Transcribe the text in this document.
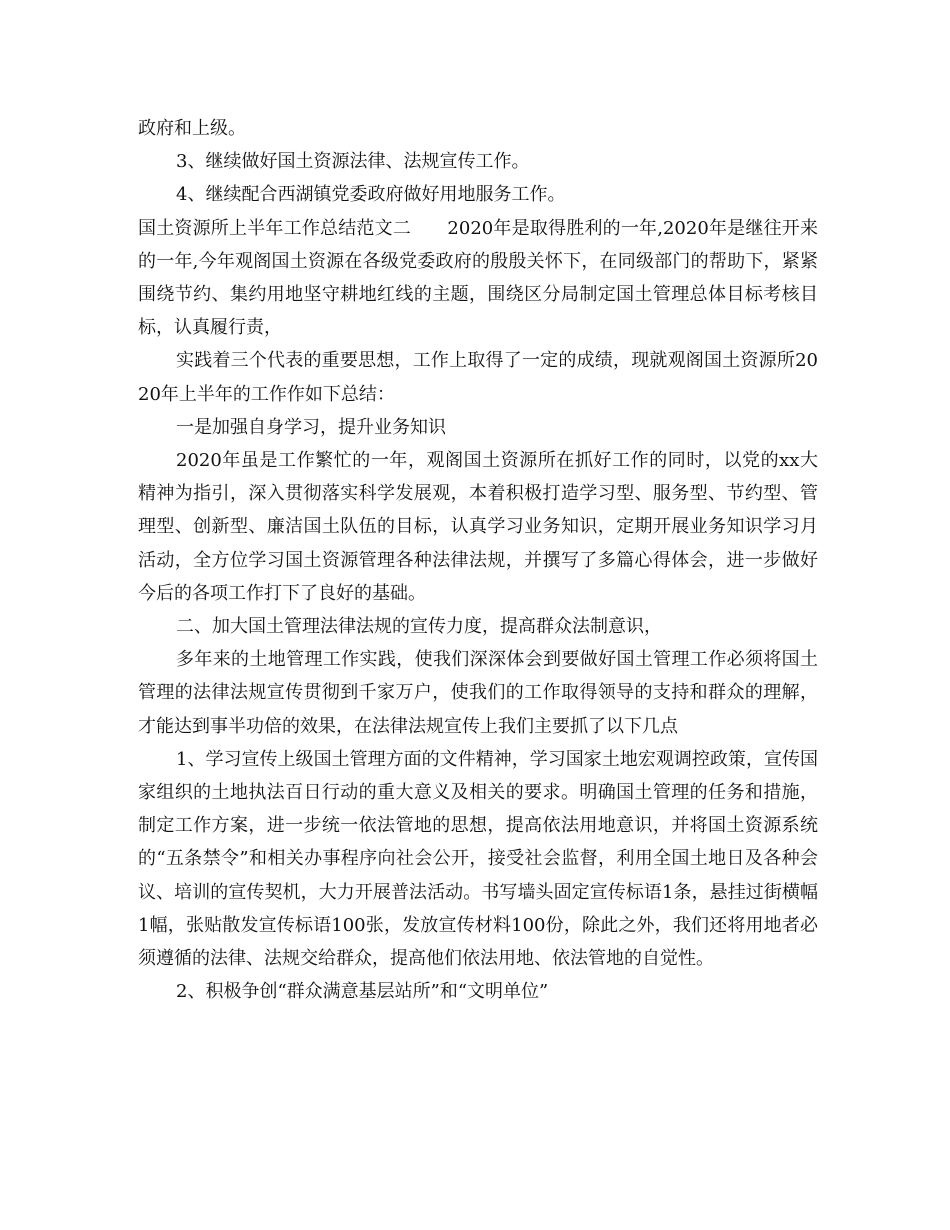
政府和上级。

3、继续做好国土资源法律、法规宣传工作。

4、继续配合西湖镇党委政府做好用地服务工作。

国土资源所上半年工作总结范文二　　2020年是取得胜利的一年,2020年是继往开来的一年,今年观阁国土资源在各级党委政府的殷殷关怀下，在同级部门的帮助下，紧紧围绕节约、集约用地坚守耕地红线的主题，围绕区分局制定国土管理总体目标考核目标，认真履行责，

实践着三个代表的重要思想，工作上取得了一定的成绩，现就观阁国土资源所2020年上半年的工作作如下总结：

一是加强自身学习，提升业务知识

2020年虽是工作繁忙的一年，观阁国土资源所在抓好工作的同时，以党的xx大精神为指引，深入贯彻落实科学发展观，本着积极打造学习型、服务型、节约型、管理型、创新型、廉洁国土队伍的目标，认真学习业务知识，定期开展业务知识学习月活动，全方位学习国土资源管理各种法律法规，并撰写了多篇心得体会，进一步做好今后的各项工作打下了良好的基础。

二、加大国土管理法律法规的宣传力度，提高群众法制意识，

多年来的土地管理工作实践，使我们深深体会到要做好国土管理工作必须将国土管理的法律法规宣传贯彻到千家万户，使我们的工作取得领导的支持和群众的理解，才能达到事半功倍的效果，在法律法规宣传上我们主要抓了以下几点

1、学习宣传上级国土管理方面的文件精神，学习国家土地宏观调控政策，宣传国家组织的土地执法百日行动的重大意义及相关的要求。明确国土管理的任务和措施，制定工作方案，进一步统一依法管地的思想，提高依法用地意识，并将国土资源系统的“五条禁令”和相关办事程序向社会公开，接受社会监督，利用全国土地日及各种会议、培训的宣传契机，大力开展普法活动。书写墙头固定宣传标语1条，悬挂过街横幅1幅，张贴散发宣传标语100张，发放宣传材料100份，除此之外，我们还将用地者必须遵循的法律、法规交给群众，提高他们依法用地、依法管地的自觉性。

2、积极争创“群众满意基层站所”和“文明单位”
